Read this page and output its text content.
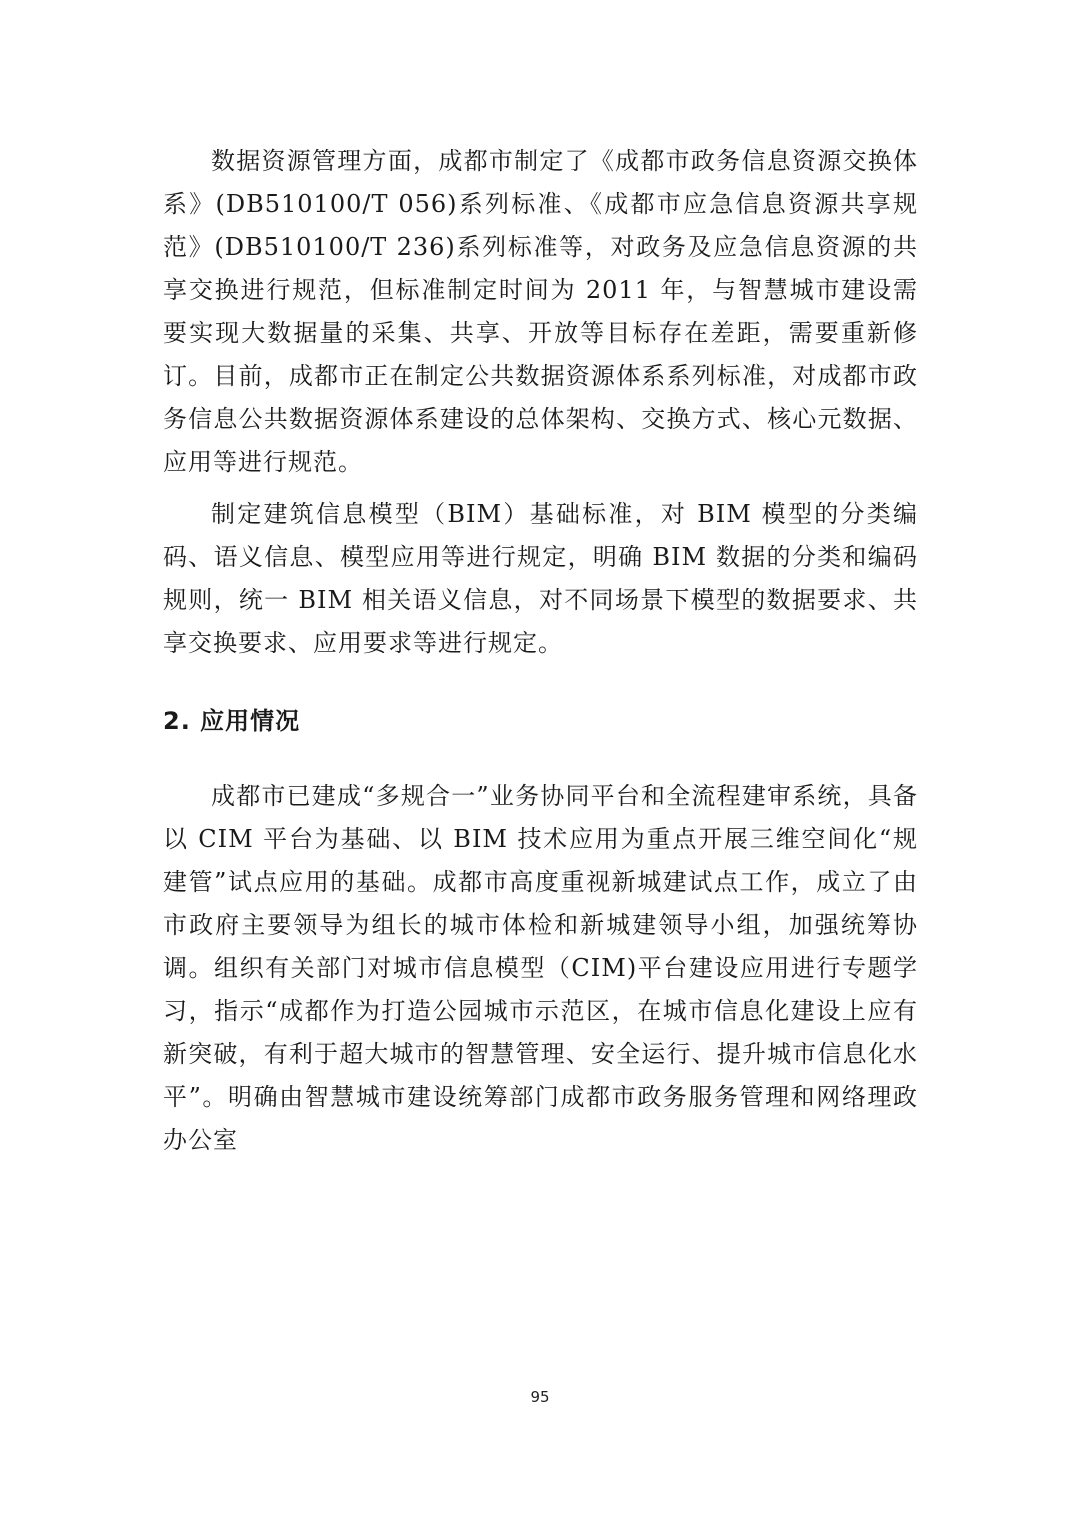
数据资源管理方面，成都市制定了《成都市政务信息资源交换体系》(DB510100/T 056)系列标准、《成都市应急信息资源共享规范》(DB510100/T 236)系列标准等，对政务及应急信息资源的共享交换进行规范，但标准制定时间为 2011 年，与智慧城市建设需要实现大数据量的采集、共享、开放等目标存在差距，需要重新修订。目前，成都市正在制定公共数据资源体系系列标准，对成都市政务信息公共数据资源体系建设的总体架构、交换方式、核心元数据、应用等进行规范。

制定建筑信息模型（BIM）基础标准，对 BIM 模型的分类编码、语义信息、模型应用等进行规定，明确 BIM 数据的分类和编码规则，统一 BIM 相关语义信息，对不同场景下模型的数据要求、共享交换要求、应用要求等进行规定。

2. 应用情况

成都市已建成“多规合一”业务协同平台和全流程建审系统，具备以 CIM 平台为基础、以 BIM 技术应用为重点开展三维空间化“规建管”试点应用的基础。成都市高度重视新城建试点工作，成立了由市政府主要领导为组长的城市体检和新城建领导小组，加强统筹协调。组织有关部门对城市信息模型（CIM)平台建设应用进行专题学习，指示“成都作为打造公园城市示范区，在城市信息化建设上应有新突破，有利于超大城市的智慧管理、安全运行、提升城市信息化水平”。明确由智慧城市建设统筹部门成都市政务服务管理和网络理政办公室

95
